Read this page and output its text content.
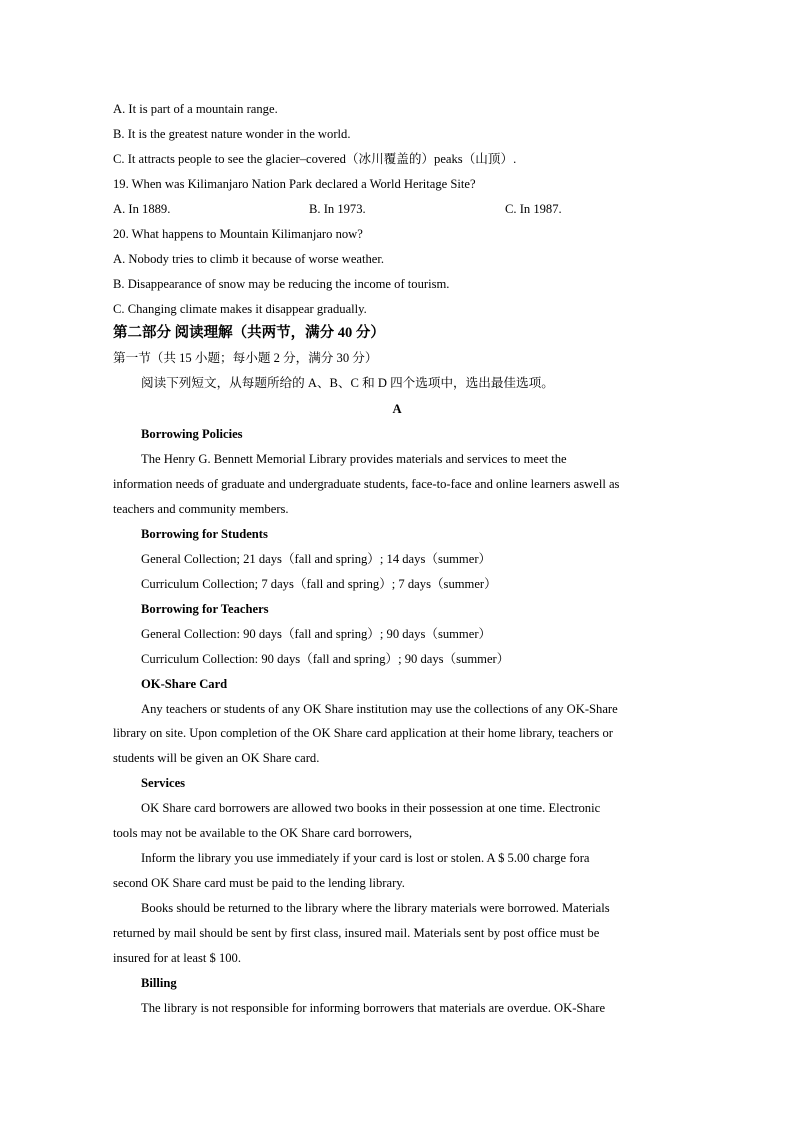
A. It is part of a mountain range.
B. It is the greatest nature wonder in the world.
C. It attracts people to see the glacier–covered（冰川覆盖的）peaks（山顶）.
19. When was Kilimanjaro Nation Park declared a World Heritage Site?
A. In 1889.	B. In 1973.	C. In 1987.
20. What happens to Mountain Kilimanjaro now?
A. Nobody tries to climb it because of worse weather.
B. Disappearance of snow may be reducing the income of tourism.
C. Changing climate makes it disappear gradually.
第二部分 阅读理解（共两节，满分 40 分）
第一节（共 15 小题；每小题 2 分，满分 30 分）
阅读下列短文，从每题所给的 A、B、C 和 D 四个选项中，选出最佳选项。
A
Borrowing Policies
The Henry G. Bennett Memorial Library provides materials and services to meet the
information needs of graduate and undergraduate students, face-to-face and online learners aswell as
teachers and community members.
Borrowing for Students
General Collection; 21 days（fall and spring）; 14 days（summer）
Curriculum Collection; 7 days（fall and spring）; 7 days（summer）
Borrowing for Teachers
General Collection: 90 days（fall and spring）; 90 days（summer）
Curriculum Collection: 90 days（fall and spring）; 90 days（summer）
OK-Share Card
Any teachers or students of any OK Share institution may use the collections of any OK-Share
library on site. Upon completion of the OK Share card application at their home library, teachers or
students will be given an OK Share card.
Services
OK Share card borrowers are allowed two books in their possession at one time. Electronic
tools may not be available to the OK Share card borrowers,
Inform the library you use immediately if your card is lost or stolen. A $ 5.00 charge fora
second OK Share card must be paid to the lending library.
Books should be returned to the library where the library materials were borrowed. Materials
returned by mail should be sent by first class, insured mail. Materials sent by post office must be
insured for at least $ 100.
Billing
The library is not responsible for informing borrowers that materials are overdue. OK-Share
